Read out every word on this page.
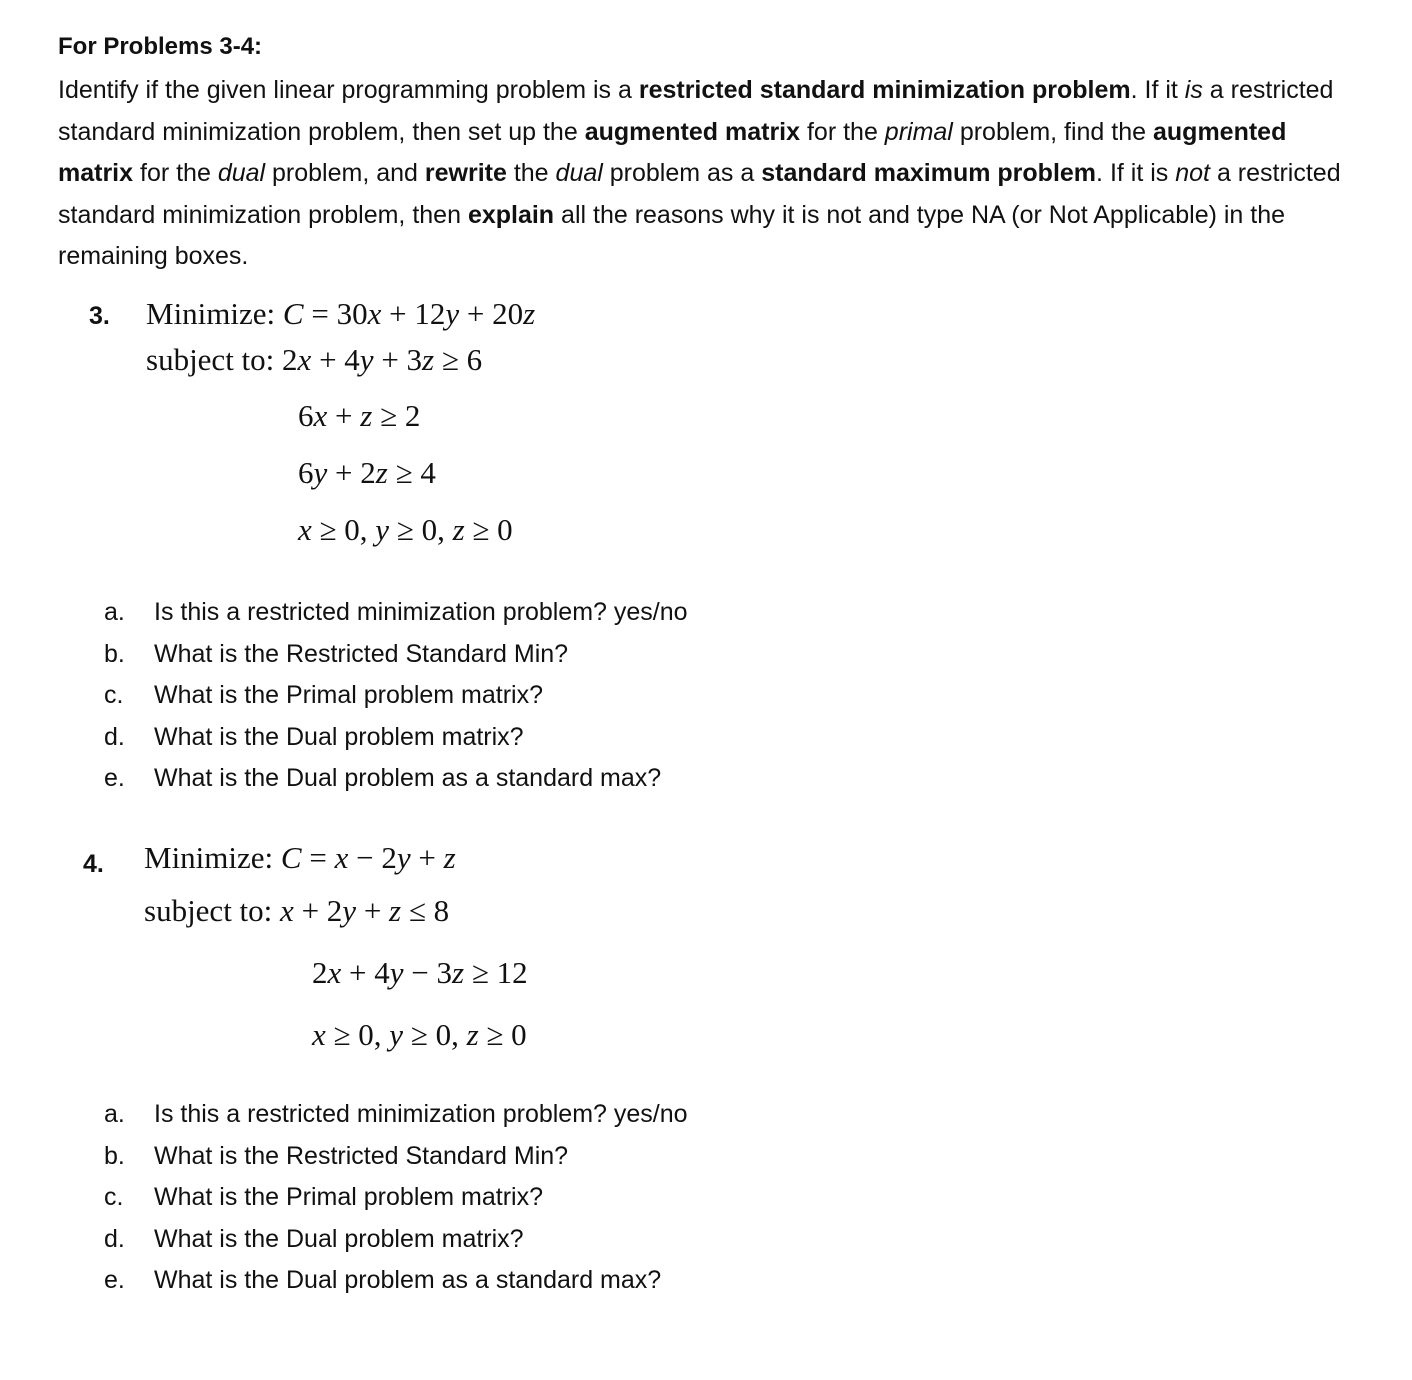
For Problems 3-4:
Identify if the given linear programming problem is a restricted standard minimization problem. If it is a restricted standard minimization problem, then set up the augmented matrix for the primal problem, find the augmented matrix for the dual problem, and rewrite the dual problem as a standard maximum problem. If it is not a restricted standard minimization problem, then explain all the reasons why it is not and type NA (or Not Applicable) in the remaining boxes.
3. Minimize: C = 30x + 12y + 20z
subject to: 2x + 4y + 3z ≥ 6
6x + z ≥ 2
6y + 2z ≥ 4
x ≥ 0, y ≥ 0, z ≥ 0
a. Is this a restricted minimization problem? yes/no
b. What is the Restricted Standard Min?
c. What is the Primal problem matrix?
d. What is the Dual problem matrix?
e. What is the Dual problem as a standard max?
4. Minimize: C = x − 2y + z
subject to: x + 2y + z ≤ 8
2x + 4y − 3z ≥ 12
x ≥ 0, y ≥ 0, z ≥ 0
a. Is this a restricted minimization problem? yes/no
b. What is the Restricted Standard Min?
c. What is the Primal problem matrix?
d. What is the Dual problem matrix?
e. What is the Dual problem as a standard max?
